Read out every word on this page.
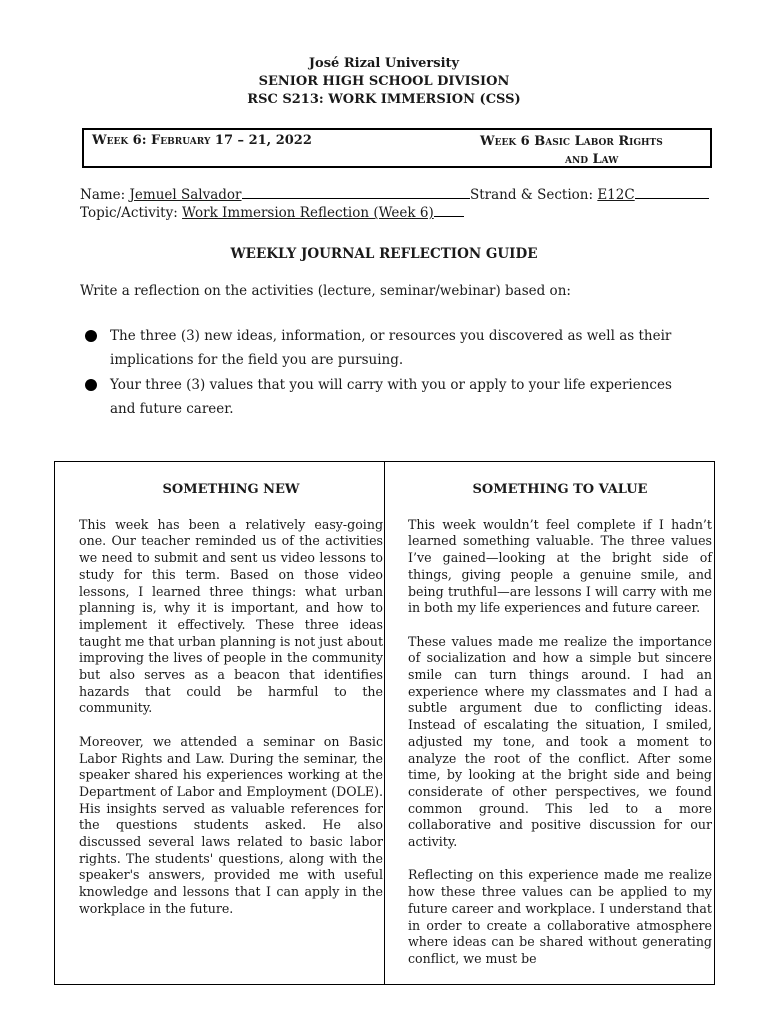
José Rizal University
SENIOR HIGH SCHOOL DIVISION
RSC S213: WORK IMMERSION (CSS)
Week 6: February 17 – 21, 2022	Week 6 Basic Labor Rights
and Law
Name: Jemuel Salvador	Strand & Section: E12C
Topic/Activity: Work Immersion Reflection (Week 6)
WEEKLY JOURNAL REFLECTION GUIDE
Write a reflection on the activities (lecture, seminar/webinar) based on:
The three (3) new ideas, information, or resources you discovered as well as their implications for the field you are pursuing.
Your three (3) values that you will carry with you or apply to your life experiences and future career.
SOMETHING NEW

This week has been a relatively easy-going one. Our teacher reminded us of the activities we need to submit and sent us video lessons to study for this term. Based on those video lessons, I learned three things: what urban planning is, why it is important, and how to implement it effectively. These three ideas taught me that urban planning is not just about improving the lives of people in the community but also serves as a beacon that identifies hazards that could be harmful to the community.

Moreover, we attended a seminar on Basic Labor Rights and Law. During the seminar, the speaker shared his experiences working at the Department of Labor and Employment (DOLE). His insights served as valuable references for the questions students asked. He also discussed several laws related to basic labor rights. The students' questions, along with the speaker's answers, provided me with useful knowledge and lessons that I can apply in the workplace in the future.

SOMETHING TO VALUE

This week wouldn’t feel complete if I hadn’t learned something valuable. The three values I’ve gained—looking at the bright side of things, giving people a genuine smile, and being truthful—are lessons I will carry with me in both my life experiences and future career.

These values made me realize the importance of socialization and how a simple but sincere smile can turn things around. I had an experience where my classmates and I had a subtle argument due to conflicting ideas. Instead of escalating the situation, I smiled, adjusted my tone, and took a moment to analyze the root of the conflict. After some time, by looking at the bright side and being considerate of other perspectives, we found common ground. This led to a more collaborative and positive discussion for our activity.

Reflecting on this experience made me realize how these three values can be applied to my future career and workplace. I understand that in order to create a collaborative atmosphere where ideas can be shared without generating conflict, we must be
